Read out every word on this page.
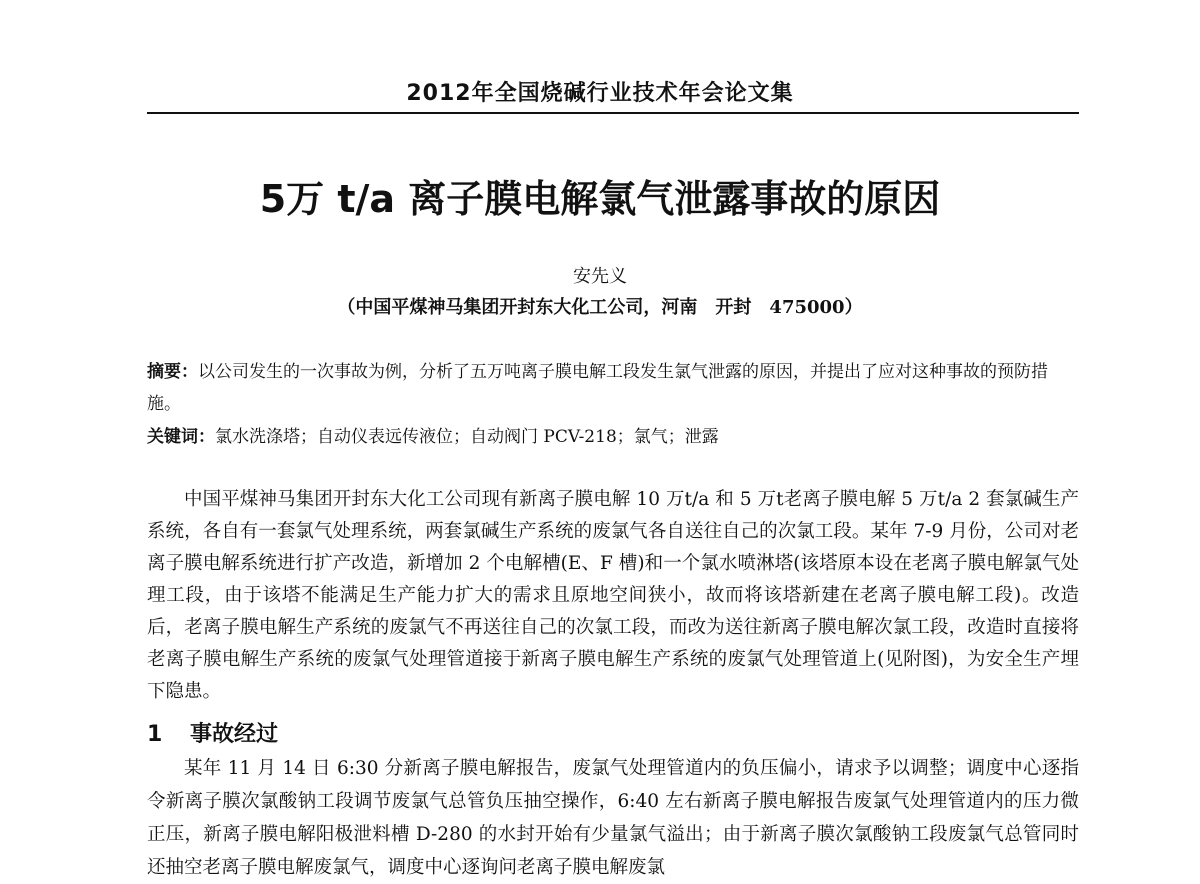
2012年全国烧碱行业技术年会论文集
5万 t/a 离子膜电解氯气泄露事故的原因
安先义
（中国平煤神马集团开封东大化工公司，河南　开封　475000）
摘要：以公司发生的一次事故为例，分析了五万吨离子膜电解工段发生氯气泄露的原因，并提出了应对这种事故的预防措施。
关键词：氯水洗涤塔；自动仪表远传液位；自动阀门 PCV-218；氯气；泄露
中国平煤神马集团开封东大化工公司现有新离子膜电解 10 万t/a 和 5 万t老离子膜电解 5 万t/a 2 套氯碱生产系统，各自有一套氯气处理系统，两套氯碱生产系统的废氯气各自送往自己的次氯工段。某年 7-9 月份，公司对老离子膜电解系统进行扩产改造，新增加 2 个电解槽(E、F 槽)和一个氯水喷淋塔(该塔原本设在老离子膜电解氯气处理工段，由于该塔不能满足生产能力扩大的需求且原地空间狭小，故而将该塔新建在老离子膜电解工段)。改造后，老离子膜电解生产系统的废氯气不再送往自己的次氯工段，而改为送往新离子膜电解次氯工段，改造时直接将老离子膜电解生产系统的废氯气处理管道接于新离子膜电解生产系统的废氯气处理管道上(见附图)，为安全生产埋下隐患。
1 事故经过
某年 11 月 14 日 6:30 分新离子膜电解报告，废氯气处理管道内的负压偏小，请求予以调整；调度中心逐指令新离子膜次氯酸钠工段调节废氯气总管负压抽空操作，6:40 左右新离子膜电解报告废氯气处理管道内的压力微正压，新离子膜电解阳极泄料槽 D-280 的水封开始有少量氯气溢出；由于新离子膜次氯酸钠工段废氯气总管同时还抽空老离子膜电解废氯气，调度中心逐询问老离子膜电解废氯
